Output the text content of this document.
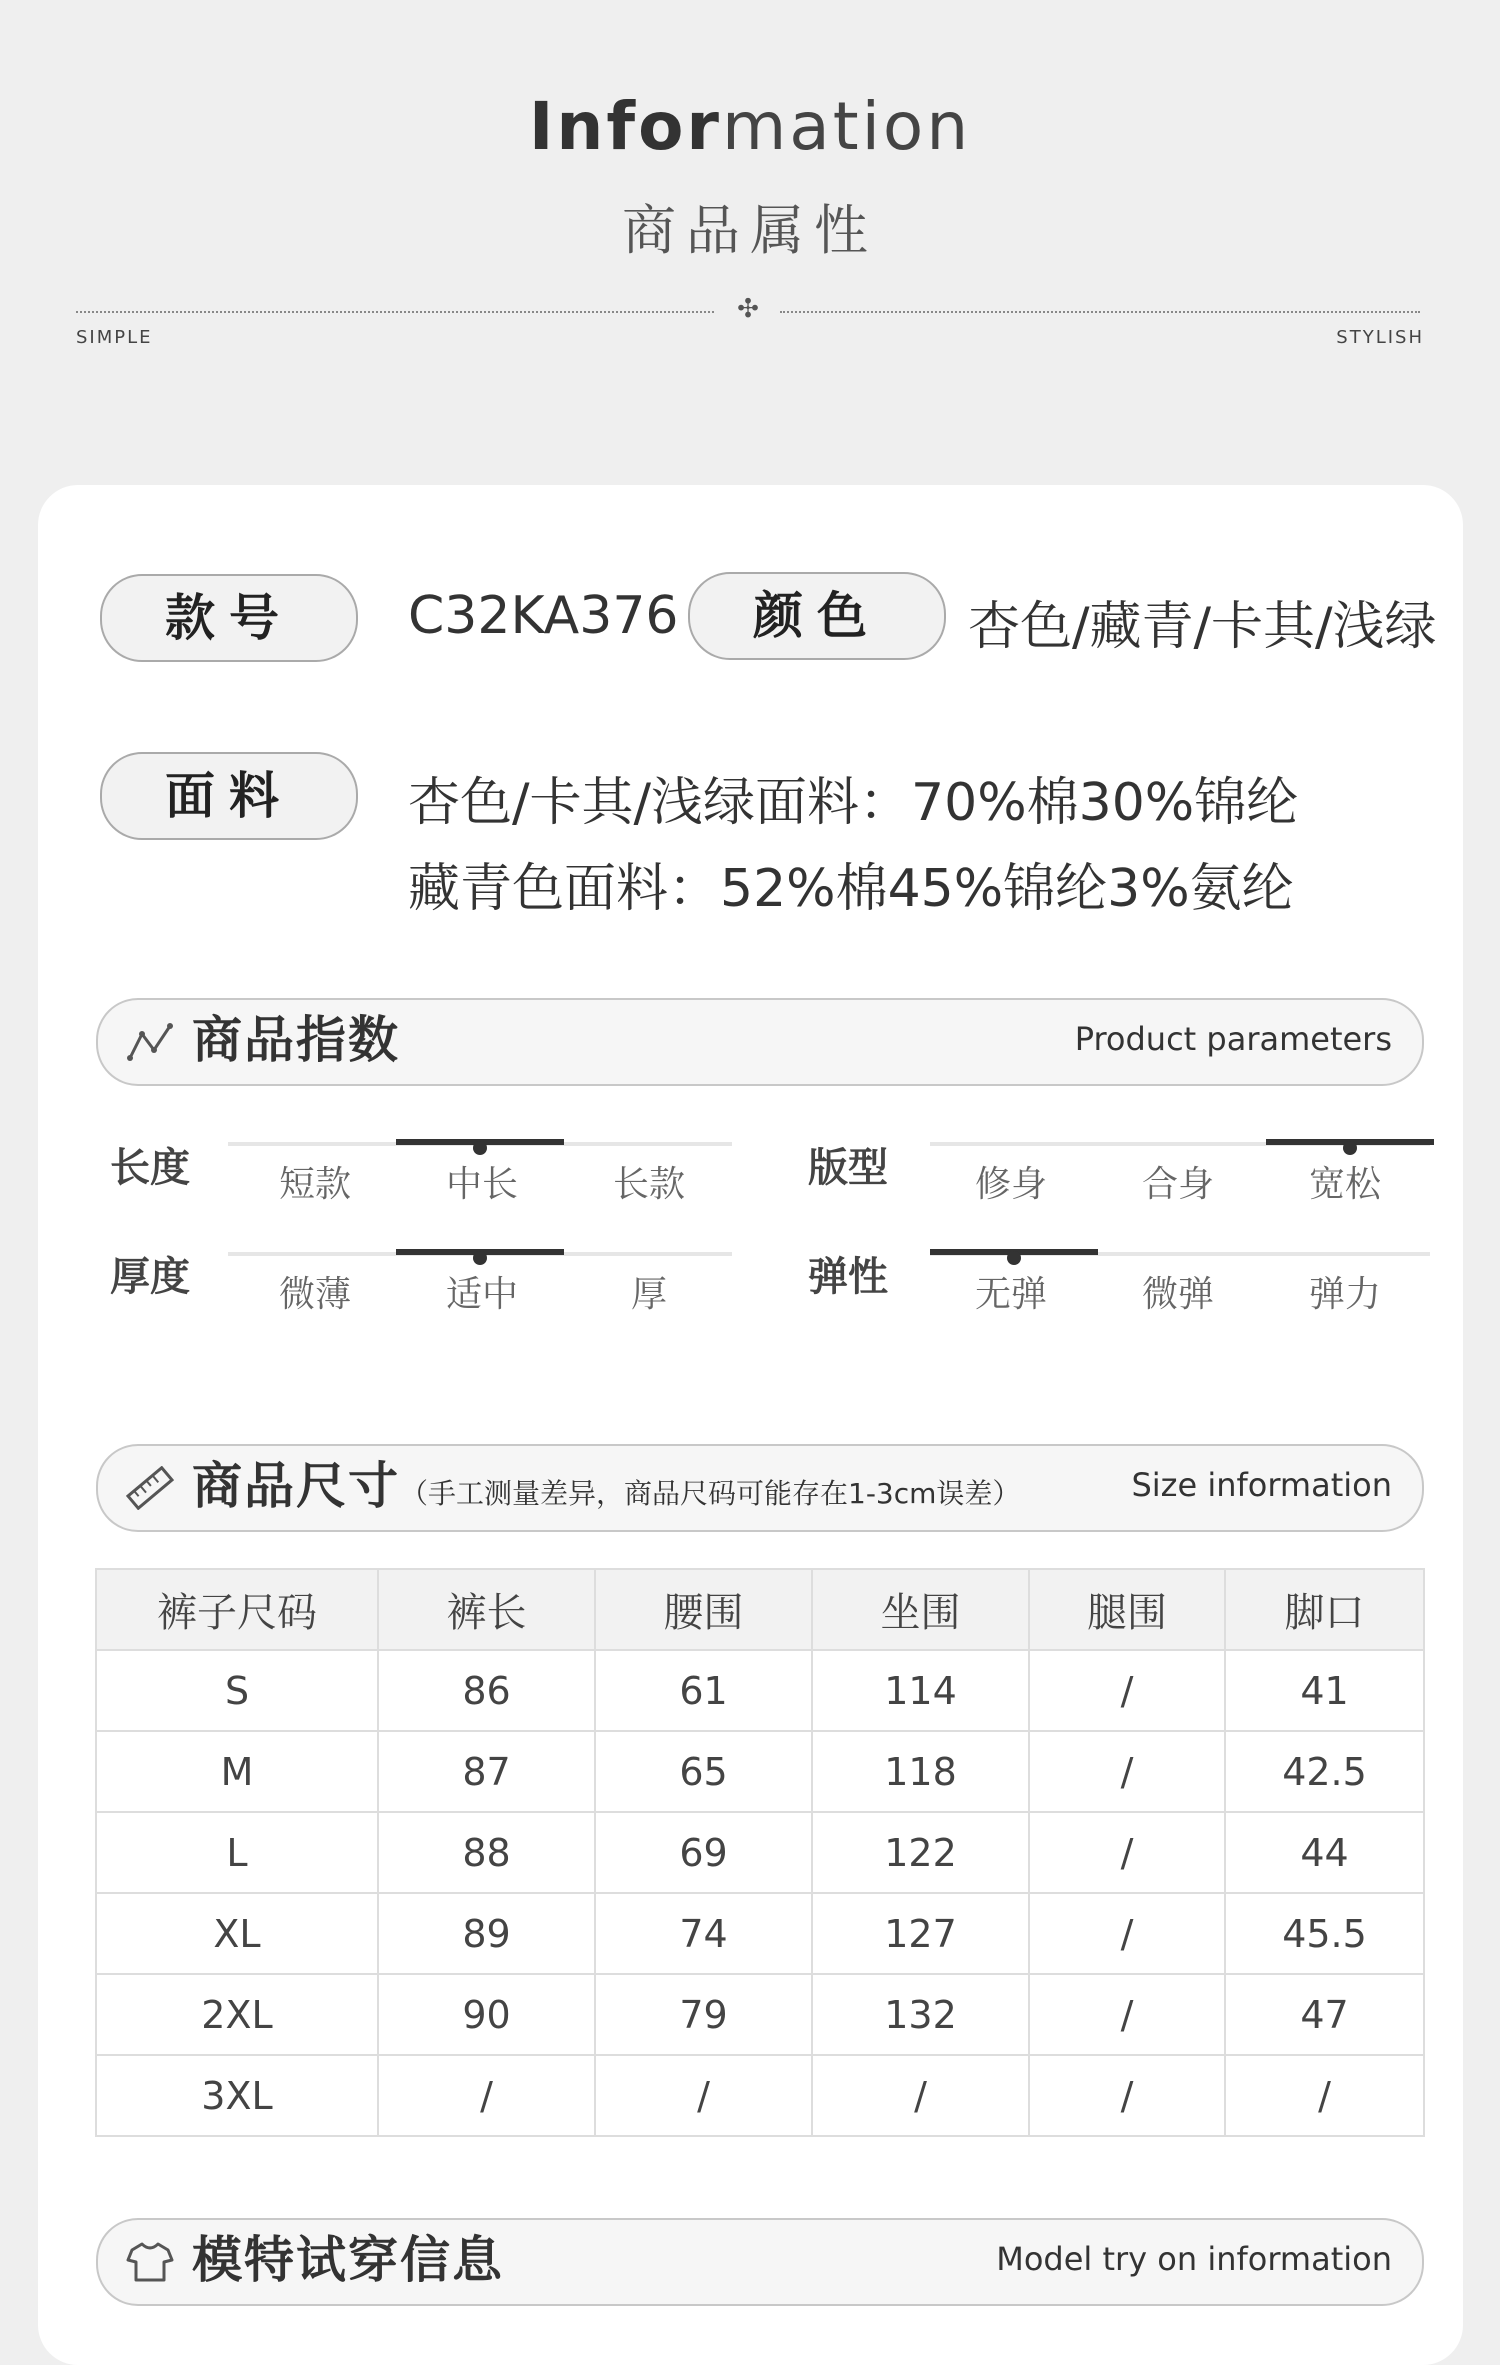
Information
商品属性
✣
SIMPLE	STYLISH
款号	C32KA376	颜色	杏色/藏青/卡其/浅绿
面料	杏色/卡其/浅绿面料：70%棉30%锦纶
藏青色面料：52%棉45%锦纶3%氨纶
商品指数	Product parameters
长度	短款	中长	长款	版型	修身	合身	宽松
厚度	微薄	适中	厚	弹性	无弹	微弹	弹力
商品尺寸（手工测量差异，商品尺码可能存在1-3cm误差）	Size information
裤子尺码	裤长	腰围	坐围	腿围	脚口
S	86	61	114	/	41
M	87	65	118	/	42.5
L	88	69	122	/	44
XL	89	74	127	/	45.5
2XL	90	79	132	/	47
3XL	/	/	/	/	/
模特试穿信息	Model try on information
